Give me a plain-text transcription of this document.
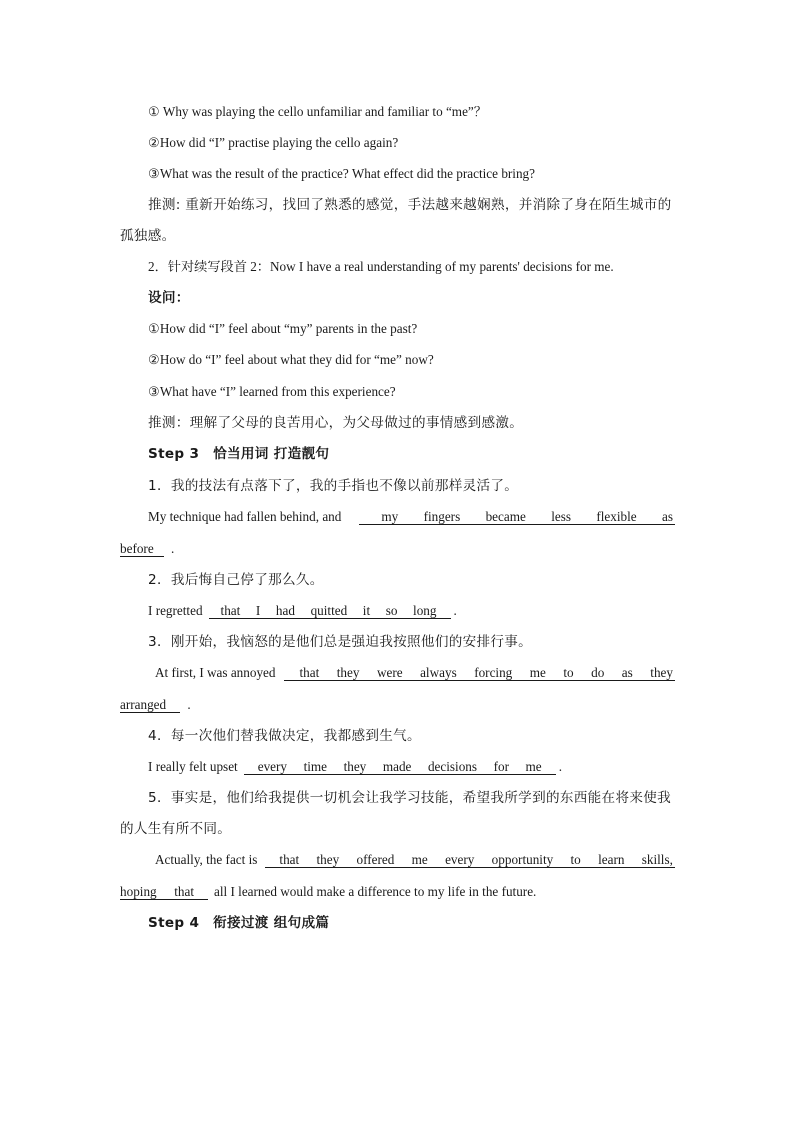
① Why was playing the cello unfamiliar and familiar to “me”？
②How did “I” practise playing the cello again?
③What was the result of the practice? What effect did the practice bring?
推测: 重新开始练习，找回了熟悉的感觉，手法越来越娴熟，并消除了身在陌生城市的
孤独感。
2．针对续写段首 2：Now I have a real understanding of my parents' decisions for me.
设问：
①How did “I” feel about “my” parents in the past?
②How do “I” feel about what they did for “me” now?
③What have “I” learned from this experience?
推测：理解了父母的良苦用心，为父母做过的事情感到感激。
Step 3　恰当用词 打造靓句
1．我的技法有点落下了，我的手指也不像以前那样灵活了。
My technique had fallen behind, and	my fingers became less flexible as
before .
2．我后悔自己停了那么久。
I regretted that I had quitted it so long .
3．刚开始，我恼怒的是他们总是强迫我按照他们的安排行事。
At first, I was annoyed that they were always forcing me to do as they
arranged .
4．每一次他们替我做决定，我都感到生气。
I really felt upset every time they made decisions for me .
5．事实是，他们给我提供一切机会让我学习技能，希望我所学到的东西能在将来使我
的人生有所不同。
Actually, the fact is that they offered me every opportunity to learn skills,
hoping that all I learned would make a difference to my life in the future.
Step 4　衔接过渡 组句成篇
